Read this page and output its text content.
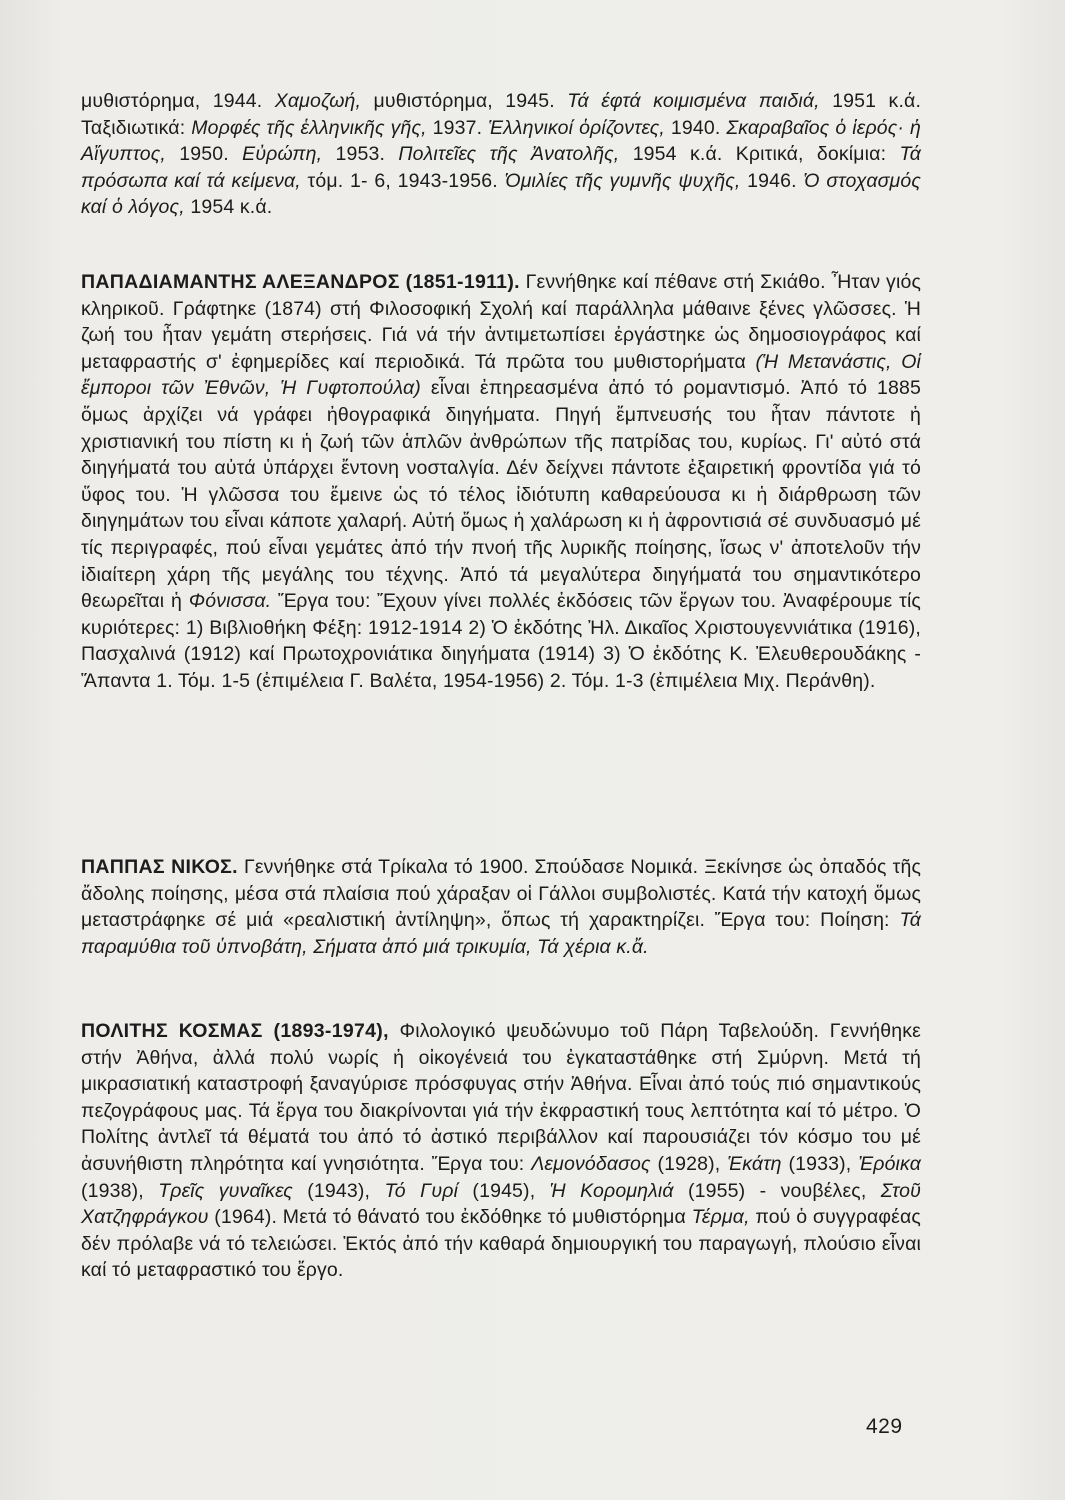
μυθιστόρημα, 1944. Χαμοζωή, μυθιστόρημα, 1945. Τά έφτά κοιμισμένα παιδιά, 1951 κ.ά. Ταξιδιωτικά: Μορφές τῆς ἑλληνικῆς γῆς, 1937. Ἑλληνικοί ὁρίζοντες, 1940. Σκαραβαῖος ὁ ἱερός· ἡ Αἴγυπτος, 1950. Εὐρώπη, 1953. Πολιτεῖες τῆς Ἀνατολῆς, 1954 κ.ά. Κριτικά, δοκίμια: Τά πρόσωπα καί τά κείμενα, τόμ. 1- 6, 1943-1956. Ὁμιλίες τῆς γυμνῆς ψυχῆς, 1946. Ὁ στοχασμός καί ὁ λόγος, 1954 κ.ά.

ΠΑΠΑΔΙΑΜΑΝΤΗΣ ΑΛΕΞΑΝΔΡΟΣ (1851-1911). Γεννήθηκε καί πέθανε στή Σκιάθο. Ἦταν γιός κληρικοῦ. Γράφτηκε (1874) στή Φιλοσοφική Σχολή καί παράλληλα μάθαινε ξένες γλῶσσες. Ἡ ζωή του ἦταν γεμάτη στερήσεις. Γιά νά τήν ἀντιμετωπίσει ἐργάστηκε ὡς δημοσιογράφος καί μεταφραστής σ' ἐφημερίδες καί περιοδικά. Τά πρῶτα του μυθιστορήματα (Ἡ Μετανάστις, Οἱ ἔμποροι τῶν Ἐθνῶν, Ἡ Γυφτοπούλα) εἶναι ἐπηρεασμένα ἀπό τό ρομαντισμό. Ἀπό τό 1885 ὅμως ἀρχίζει νά γράφει ἠθογραφικά διηγήματα. Πηγή ἔμπνευσής του ἦταν πάντοτε ἡ χριστιανική του πίστη κι ἡ ζωή τῶν ἁπλῶν ἀνθρώπων τῆς πατρίδας του, κυρίως. Γι' αὐτό στά διηγήματά του αὐτά ὑπάρχει ἔντονη νοσταλγία. Δέν δείχνει πάντοτε ἐξαιρετική φροντίδα γιά τό ὕφος του. Ἡ γλῶσσα του ἔμεινε ὡς τό τέλος ἰδιότυπη καθαρεύουσα κι ἡ διάρθρωση τῶν διηγημάτων του εἶναι κάποτε χαλαρή. Αὐτή ὅμως ἡ χαλάρωση κι ἡ ἀφροντισιά σέ συνδυασμό μέ τίς περιγραφές, πού εἶναι γεμάτες ἀπό τήν πνοή τῆς λυρικῆς ποίησης, ἴσως ν' ἀποτελοῦν τήν ἰδιαίτερη χάρη τῆς μεγάλης του τέχνης. Ἀπό τά μεγαλύτερα διηγήματά του σημαντικότερο θεωρεῖται ἡ Φόνισσα. Ἔργα του: Ἔχουν γίνει πολλές ἐκδόσεις τῶν ἔργων του. Ἀναφέρουμε τίς κυριότερες: 1) Βιβλιοθήκη Φέξη: 1912-1914 2) Ὁ ἐκδότης Ἠλ. Δικαῖος Χριστουγεννιάτικα (1916), Πασχαλινά (1912) καί Πρωτοχρονιάτικα διηγήματα (1914) 3) Ὁ ἐκδότης Κ. Ἐλευθερουδάκης - Ἅπαντα 1. Τόμ. 1-5 (ἐπιμέλεια Γ. Βαλέτα, 1954-1956) 2. Τόμ. 1-3 (ἐπιμέλεια Μιχ. Περάνθη).

ΠΑΠΠΑΣ ΝΙΚΟΣ. Γεννήθηκε στά Τρίκαλα τό 1900. Σπούδασε Νομικά. Ξεκίνησε ὡς ὀπαδός τῆς ἄδολης ποίησης, μέσα στά πλαίσια πού χάραξαν οἱ Γάλλοι συμβολιστές. Κατά τήν κατοχή ὅμως μεταστράφηκε σέ μιά «ρεαλιστική ἀντίληψη», ὅπως τή χαρακτηρίζει. Ἔργα του: Ποίηση: Τά παραμύθια τοῦ ὑπνοβάτη, Σήματα ἀπό μιά τρικυμία, Τά χέρια κ.ἄ.

ΠΟΛΙΤΗΣ ΚΟΣΜΑΣ (1893-1974), Φιλολογικό ψευδώνυμο τοῦ Πάρη Ταβελούδη. Γεννήθηκε στήν Ἀθήνα, ἀλλά πολύ νωρίς ἡ οἰκογένειά του ἐγκαταστάθηκε στή Σμύρνη. Μετά τή μικρασιατική καταστροφή ξαναγύρισε πρόσφυγας στήν Ἀθήνα. Εἶναι ἀπό τούς πιό σημαντικούς πεζογράφους μας. Τά ἔργα του διακρίνονται γιά τήν ἐκφραστική τους λεπτότητα καί τό μέτρο. Ὁ Πολίτης ἀντλεῖ τά θέματά του ἀπό τό ἀστικό περιβάλλον καί παρουσιάζει τόν κόσμο του μέ ἀσυνήθιστη πληρότητα καί γνησιότητα. Ἔργα του: Λεμονόδασος (1928), Ἑκάτη (1933), Ἐρόικα (1938), Τρεῖς γυναῖκες (1943), Τό Γυρί (1945), Ἡ Κορομηλιά (1955) - νουβέλες, Στοῦ Χατζηφράγκου (1964). Μετά τό θάνατό του ἐκδόθηκε τό μυθιστόρημα Τέρμα, πού ὁ συγγραφέας δέν πρόλαβε νά τό τελειώσει. Ἐκτός ἀπό τήν καθαρά δημιουργική του παραγωγή, πλούσιο εἶναι καί τό μεταφραστικό του ἔργο.

429
